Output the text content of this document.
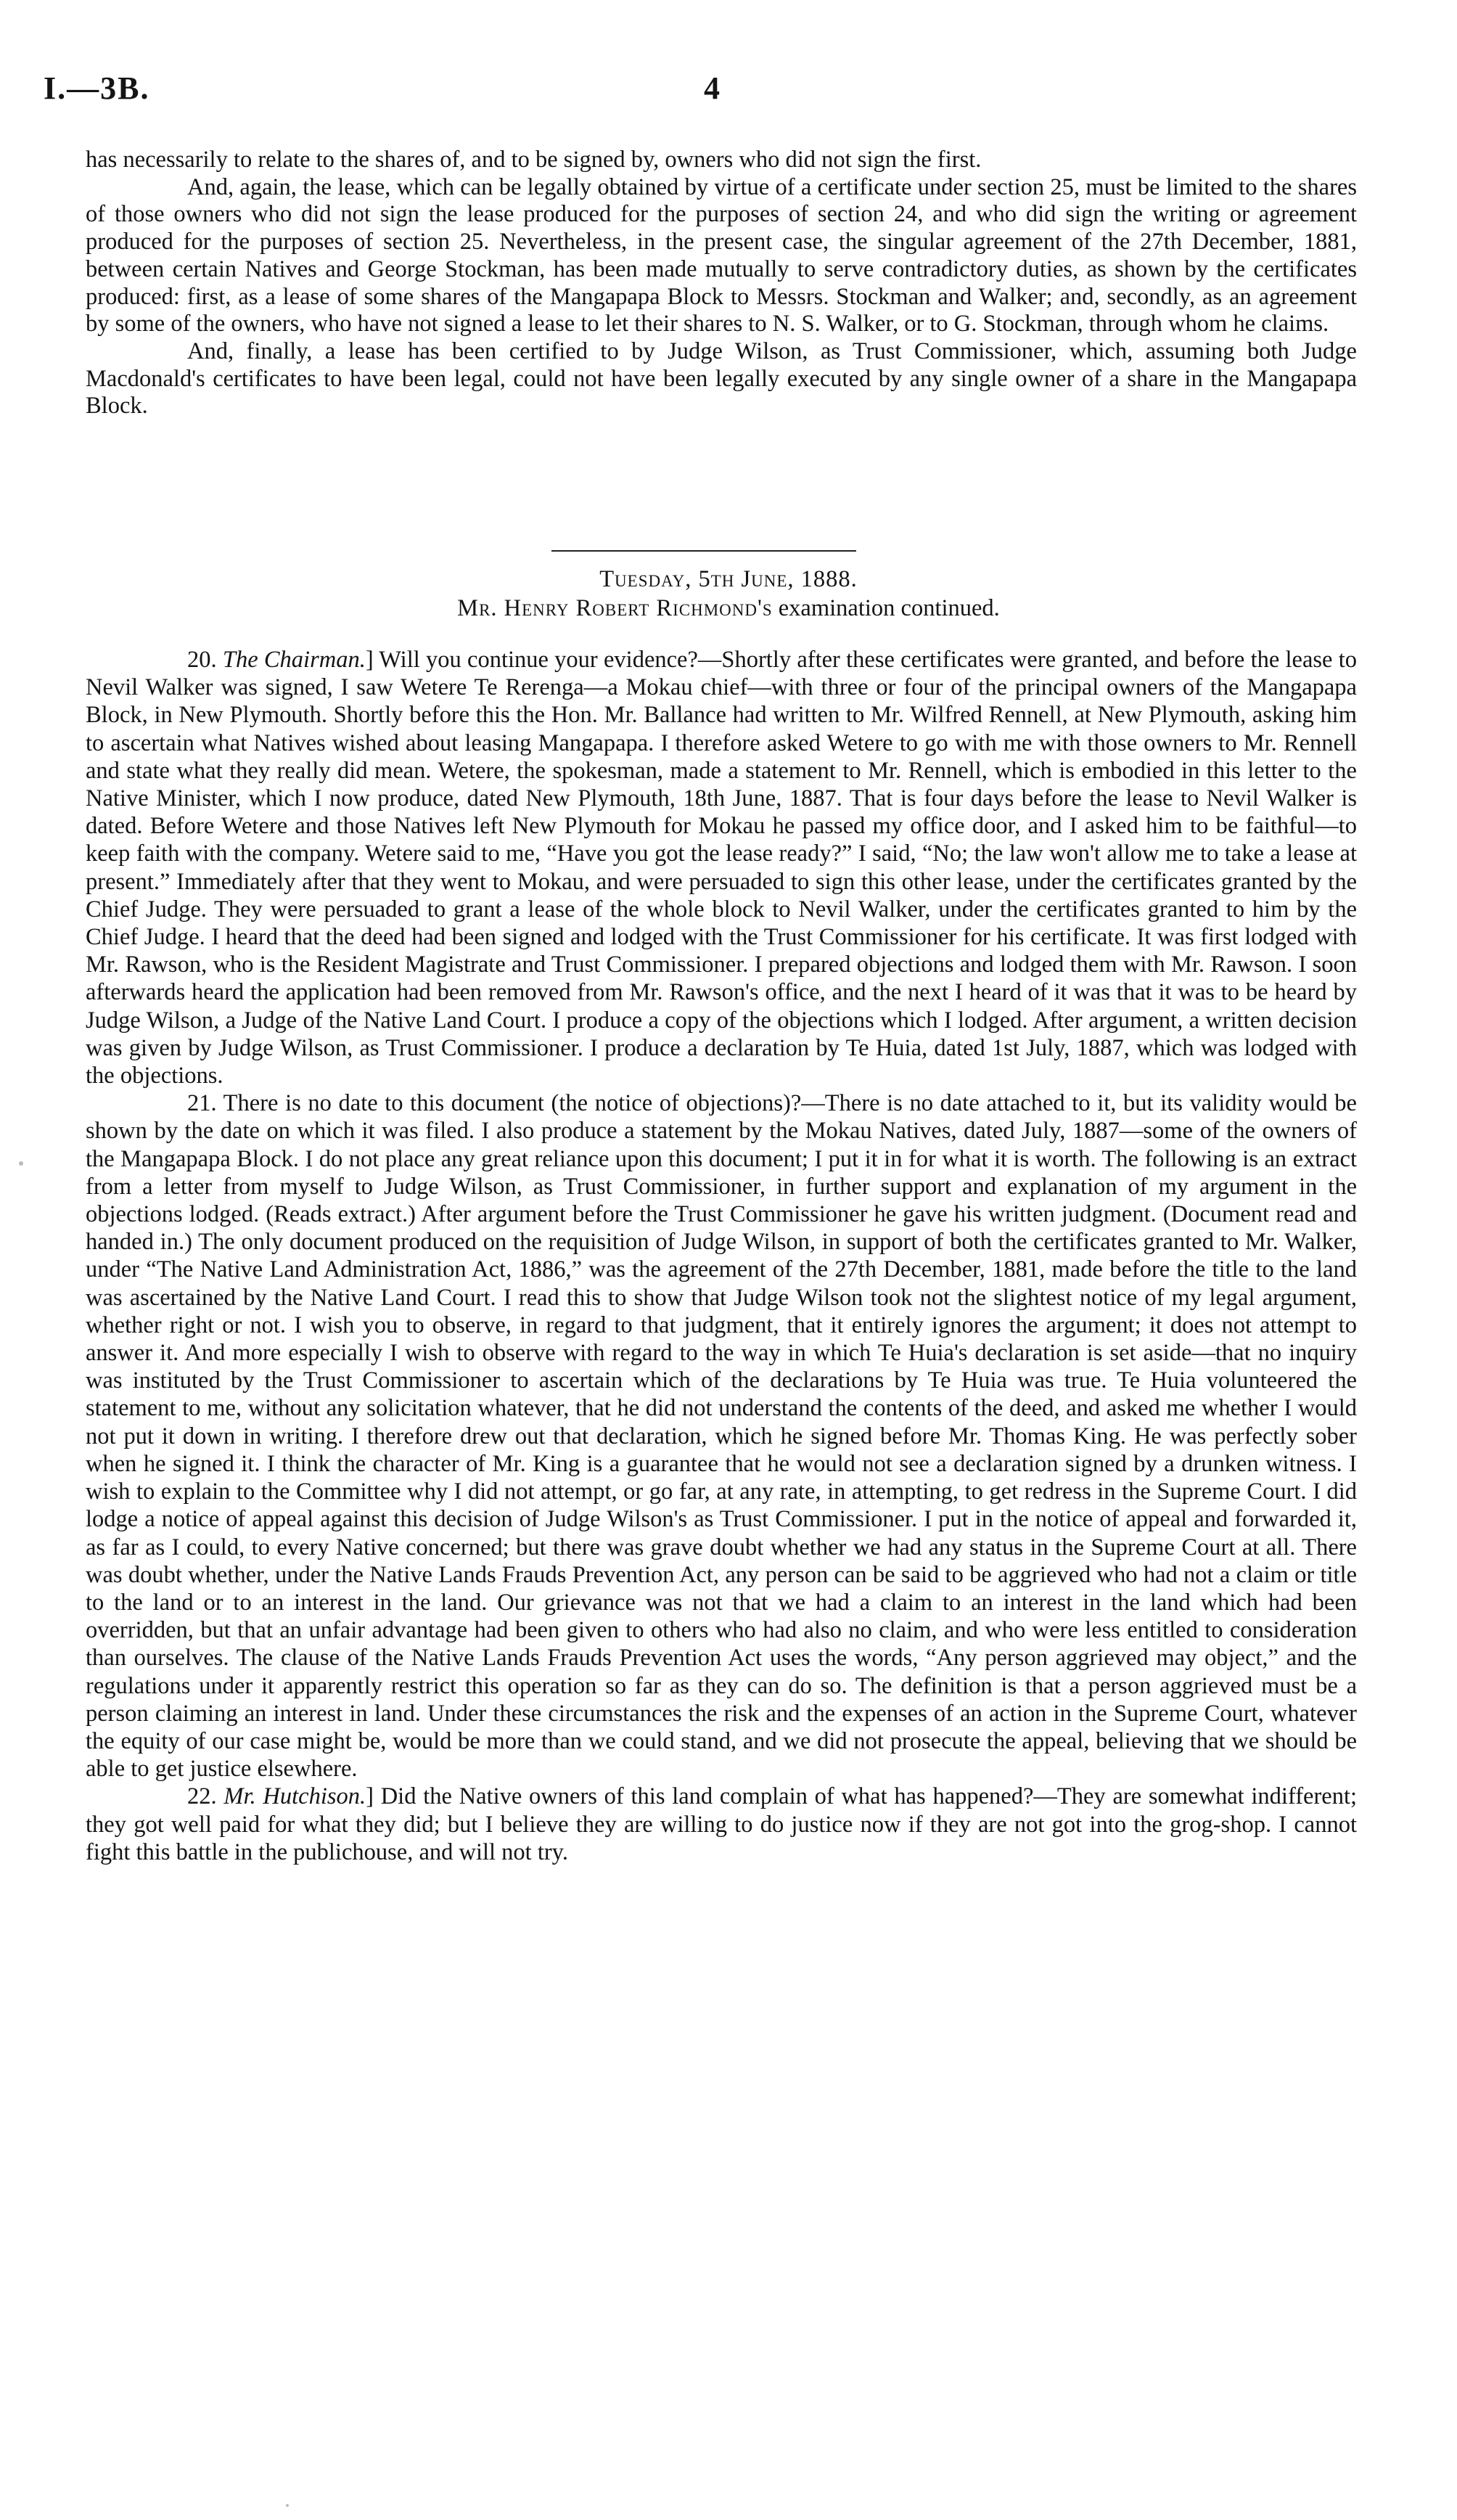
I.—3B.	4

has necessarily to relate to the shares of, and to be signed by, owners who did not sign the first.

And, again, the lease, which can be legally obtained by virtue of a certificate under section 25, must be limited to the shares of those owners who did not sign the lease produced for the purposes of section 24, and who did sign the writing or agreement produced for the purposes of section 25. Nevertheless, in the present case, the singular agreement of the 27th December, 1881, between certain Natives and George Stockman, has been made mutually to serve contradictory duties, as shown by the certificates produced: first, as a lease of some shares of the Mangapapa Block to Messrs. Stockman and Walker; and, secondly, as an agreement by some of the owners, who have not signed a lease to let their shares to N. S. Walker, or to G. Stockman, through whom he claims.

And, finally, a lease has been certified to by Judge Wilson, as Trust Commissioner, which, assuming both Judge Macdonald's certificates to have been legal, could not have been legally executed by any single owner of a share in the Mangapapa Block.

Tuesday, 5th June, 1888.
Mr. Henry Robert Richmond's examination continued.

20. The Chairman.] Will you continue your evidence?—Shortly after these certificates were granted, and before the lease to Nevil Walker was signed, I saw Wetere Te Rerenga—a Mokau chief—with three or four of the principal owners of the Mangapapa Block, in New Plymouth. Shortly before this the Hon. Mr. Ballance had written to Mr. Wilfred Rennell, at New Plymouth, asking him to ascertain what Natives wished about leasing Mangapapa. I therefore asked Wetere to go with me with those owners to Mr. Rennell and state what they really did mean. Wetere, the spokesman, made a statement to Mr. Rennell, which is embodied in this letter to the Native Minister, which I now produce, dated New Plymouth, 18th June, 1887. That is four days before the lease to Nevil Walker is dated. Before Wetere and those Natives left New Plymouth for Mokau he passed my office door, and I asked him to be faithful—to keep faith with the company. Wetere said to me, “Have you got the lease ready?” I said, “No; the law won't allow me to take a lease at present.” Immediately after that they went to Mokau, and were persuaded to sign this other lease, under the certificates granted by the Chief Judge. They were persuaded to grant a lease of the whole block to Nevil Walker, under the certificates granted to him by the Chief Judge. I heard that the deed had been signed and lodged with the Trust Commissioner for his certificate. It was first lodged with Mr. Rawson, who is the Resident Magistrate and Trust Commissioner. I prepared objections and lodged them with Mr. Rawson. I soon afterwards heard the application had been removed from Mr. Rawson's office, and the next I heard of it was that it was to be heard by Judge Wilson, a Judge of the Native Land Court. I produce a copy of the objections which I lodged. After argument, a written decision was given by Judge Wilson, as Trust Commissioner. I produce a declaration by Te Huia, dated 1st July, 1887, which was lodged with the objections.

21. There is no date to this document (the notice of objections)?—There is no date attached to it, but its validity would be shown by the date on which it was filed. I also produce a statement by the Mokau Natives, dated July, 1887—some of the owners of the Mangapapa Block. I do not place any great reliance upon this document; I put it in for what it is worth. The following is an extract from a letter from myself to Judge Wilson, as Trust Commissioner, in further support and explanation of my argument in the objections lodged. (Reads extract.) After argument before the Trust Commissioner he gave his written judgment. (Document read and handed in.) The only document produced on the requisition of Judge Wilson, in support of both the certificates granted to Mr. Walker, under “The Native Land Administration Act, 1886,” was the agreement of the 27th December, 1881, made before the title to the land was ascertained by the Native Land Court. I read this to show that Judge Wilson took not the slightest notice of my legal argument, whether right or not. I wish you to observe, in regard to that judgment, that it entirely ignores the argument; it does not attempt to answer it. And more especially I wish to observe with regard to the way in which Te Huia's declaration is set aside—that no inquiry was instituted by the Trust Commissioner to ascertain which of the declarations by Te Huia was true. Te Huia volunteered the statement to me, without any solicitation whatever, that he did not understand the contents of the deed, and asked me whether I would not put it down in writing. I therefore drew out that declaration, which he signed before Mr. Thomas King. He was perfectly sober when he signed it. I think the character of Mr. King is a guarantee that he would not see a declaration signed by a drunken witness. I wish to explain to the Committee why I did not attempt, or go far, at any rate, in attempting, to get redress in the Supreme Court. I did lodge a notice of appeal against this decision of Judge Wilson's as Trust Commissioner. I put in the notice of appeal and forwarded it, as far as I could, to every Native concerned; but there was grave doubt whether we had any status in the Supreme Court at all. There was doubt whether, under the Native Lands Frauds Prevention Act, any person can be said to be aggrieved who had not a claim or title to the land or to an interest in the land. Our grievance was not that we had a claim to an interest in the land which had been overridden, but that an unfair advantage had been given to others who had also no claim, and who were less entitled to consideration than ourselves. The clause of the Native Lands Frauds Prevention Act uses the words, “Any person aggrieved may object,” and the regulations under it apparently restrict this operation so far as they can do so. The definition is that a person aggrieved must be a person claiming an interest in land. Under these circumstances the risk and the expenses of an action in the Supreme Court, whatever the equity of our case might be, would be more than we could stand, and we did not prosecute the appeal, believing that we should be able to get justice elsewhere.

22. Mr. Hutchison.] Did the Native owners of this land complain of what has happened?—They are somewhat indifferent; they got well paid for what they did; but I believe they are willing to do justice now if they are not got into the grog-shop. I cannot fight this battle in the publichouse, and will not try.
